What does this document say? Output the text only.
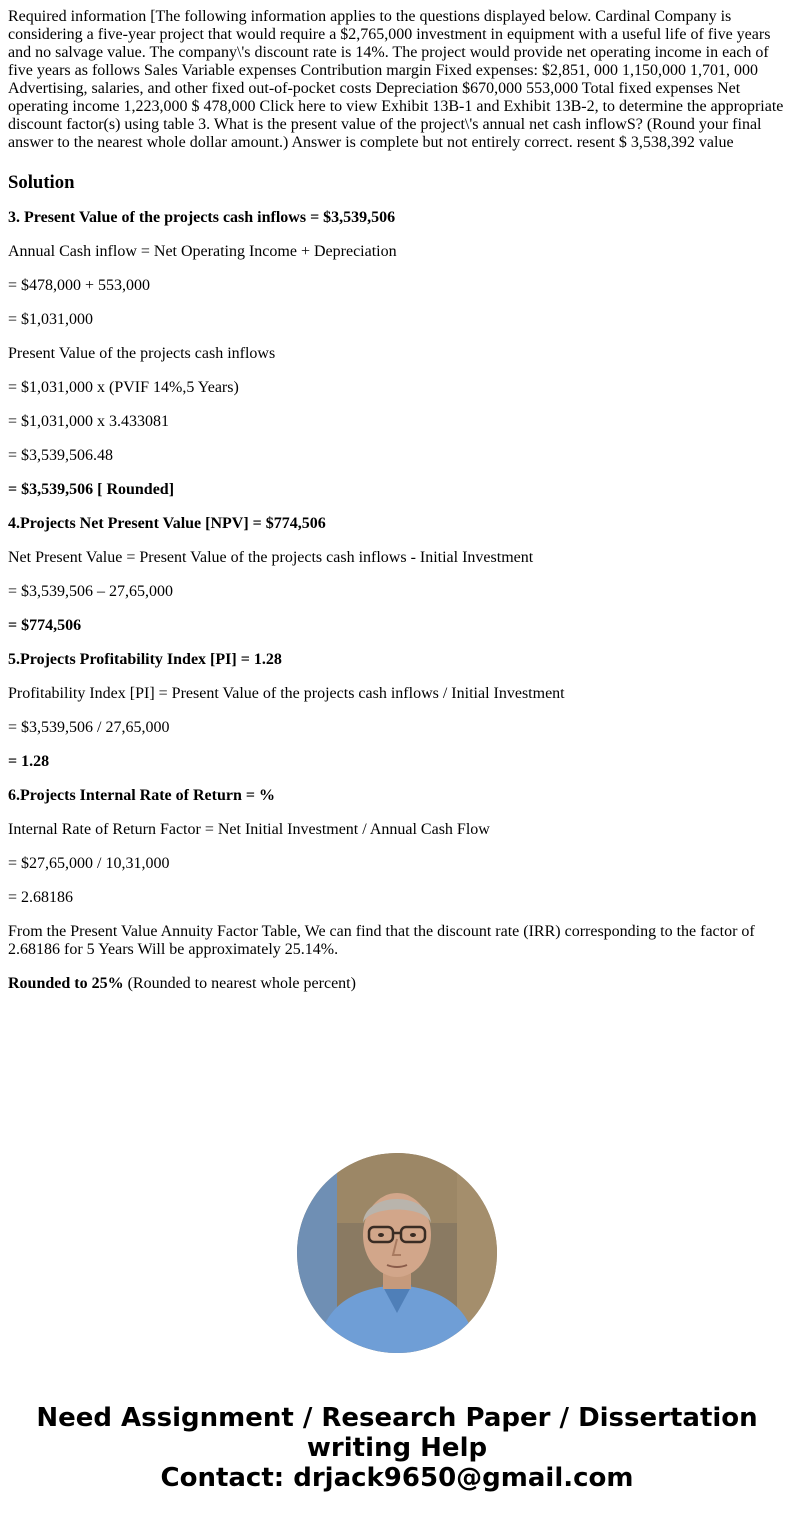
Required information [The following information applies to the questions displayed below. Cardinal Company is considering a five-year project that would require a $2,765,000 investment in equipment with a useful life of five years and no salvage value. The company\'s discount rate is 14%. The project would provide net operating income in each of five years as follows Sales Variable expenses Contribution margin Fixed expenses: $2,851, 000 1,150,000 1,701, 000 Advertising, salaries, and other fixed out-of-pocket costs Depreciation $670,000 553,000 Total fixed expenses Net operating income 1,223,000 $ 478,000 Click here to view Exhibit 13B-1 and Exhibit 13B-2, to determine the appropriate discount factor(s) using table 3. What is the present value of the project\'s annual net cash inflowS? (Round your final answer to the nearest whole dollar amount.) Answer is complete but not entirely correct. resent $ 3,538,392 value
Solution
3. Present Value of the projects cash inflows = $3,539,506
Annual Cash inflow = Net Operating Income + Depreciation
= $478,000 + 553,000
= $1,031,000
Present Value of the projects cash inflows
= $1,031,000 x (PVIF 14%,5 Years)
= $1,031,000 x 3.433081
= $3,539,506.48
= $3,539,506 [ Rounded]
4.Projects Net Present Value [NPV] = $774,506
Net Present Value = Present Value of the projects cash inflows - Initial Investment
= $3,539,506 – 27,65,000
= $774,506
5.Projects Profitability Index [PI] = 1.28
Profitability Index [PI] = Present Value of the projects cash inflows / Initial Investment
= $3,539,506 / 27,65,000
= 1.28
6.Projects Internal Rate of Return = %
Internal Rate of Return Factor = Net Initial Investment / Annual Cash Flow
= $27,65,000 / 10,31,000
= 2.68186
From the Present Value Annuity Factor Table, We can find that the discount rate (IRR) corresponding to the factor of 2.68186 for 5 Years Will be approximately 25.14%.
Rounded to 25% (Rounded to nearest whole percent)
Need Assignment / Research Paper / Dissertation
writing Help
Contact: drjack9650@gmail.com
